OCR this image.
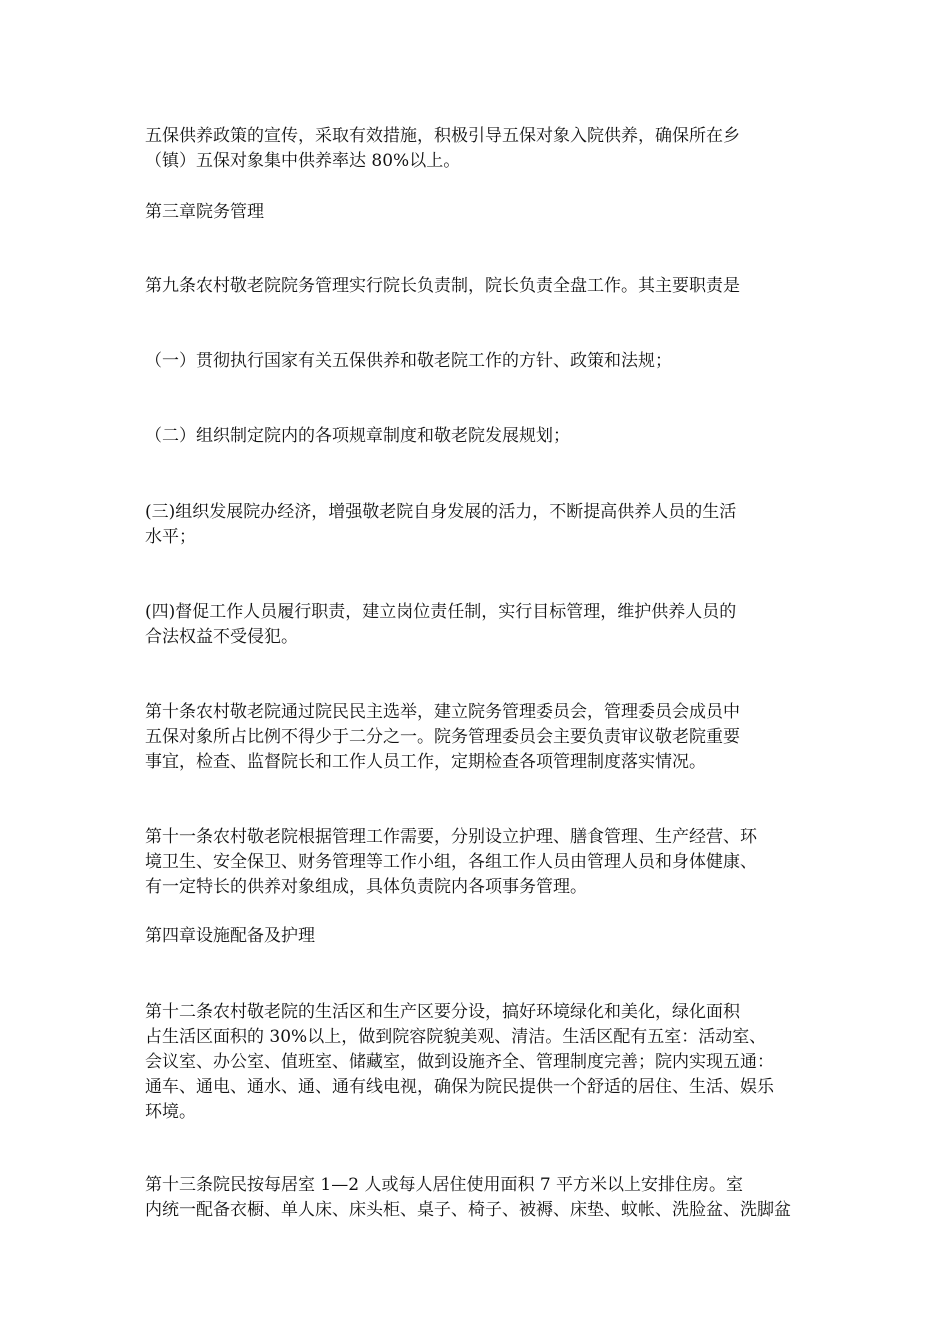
五保供养政策的宣传，采取有效措施，积极引导五保对象入院供养，确保所在乡
（镇）五保对象集中供养率达 80%以上。
第三章院务管理
第九条农村敬老院院务管理实行院长负责制，院长负责全盘工作。其主要职责是
（一）贯彻执行国家有关五保供养和敬老院工作的方针、政策和法规；
（二）组织制定院内的各项规章制度和敬老院发展规划；
(三)组织发展院办经济，增强敬老院自身发展的活力，不断提高供养人员的生活
水平；
(四)督促工作人员履行职责，建立岗位责任制，实行目标管理，维护供养人员的
合法权益不受侵犯。
第十条农村敬老院通过院民民主选举，建立院务管理委员会，管理委员会成员中
五保对象所占比例不得少于二分之一。院务管理委员会主要负责审议敬老院重要
事宜，检查、监督院长和工作人员工作，定期检查各项管理制度落实情况。
第十一条农村敬老院根据管理工作需要，分别设立护理、膳食管理、生产经营、环
境卫生、安全保卫、财务管理等工作小组，各组工作人员由管理人员和身体健康、
有一定特长的供养对象组成，具体负责院内各项事务管理。
第四章设施配备及护理
第十二条农村敬老院的生活区和生产区要分设，搞好环境绿化和美化，绿化面积
占生活区面积的 30%以上，做到院容院貌美观、清洁。生活区配有五室：活动室、
会议室、办公室、值班室、储藏室，做到设施齐全、管理制度完善；院内实现五通：
通车、通电、通水、通、通有线电视，确保为院民提供一个舒适的居住、生活、娱乐
环境。
第十三条院民按每居室 1—2 人或每人居住使用面积 7 平方米以上安排住房。室
内统一配备衣橱、单人床、床头柜、桌子、椅子、被褥、床垫、蚊帐、洗脸盆、洗脚盆
